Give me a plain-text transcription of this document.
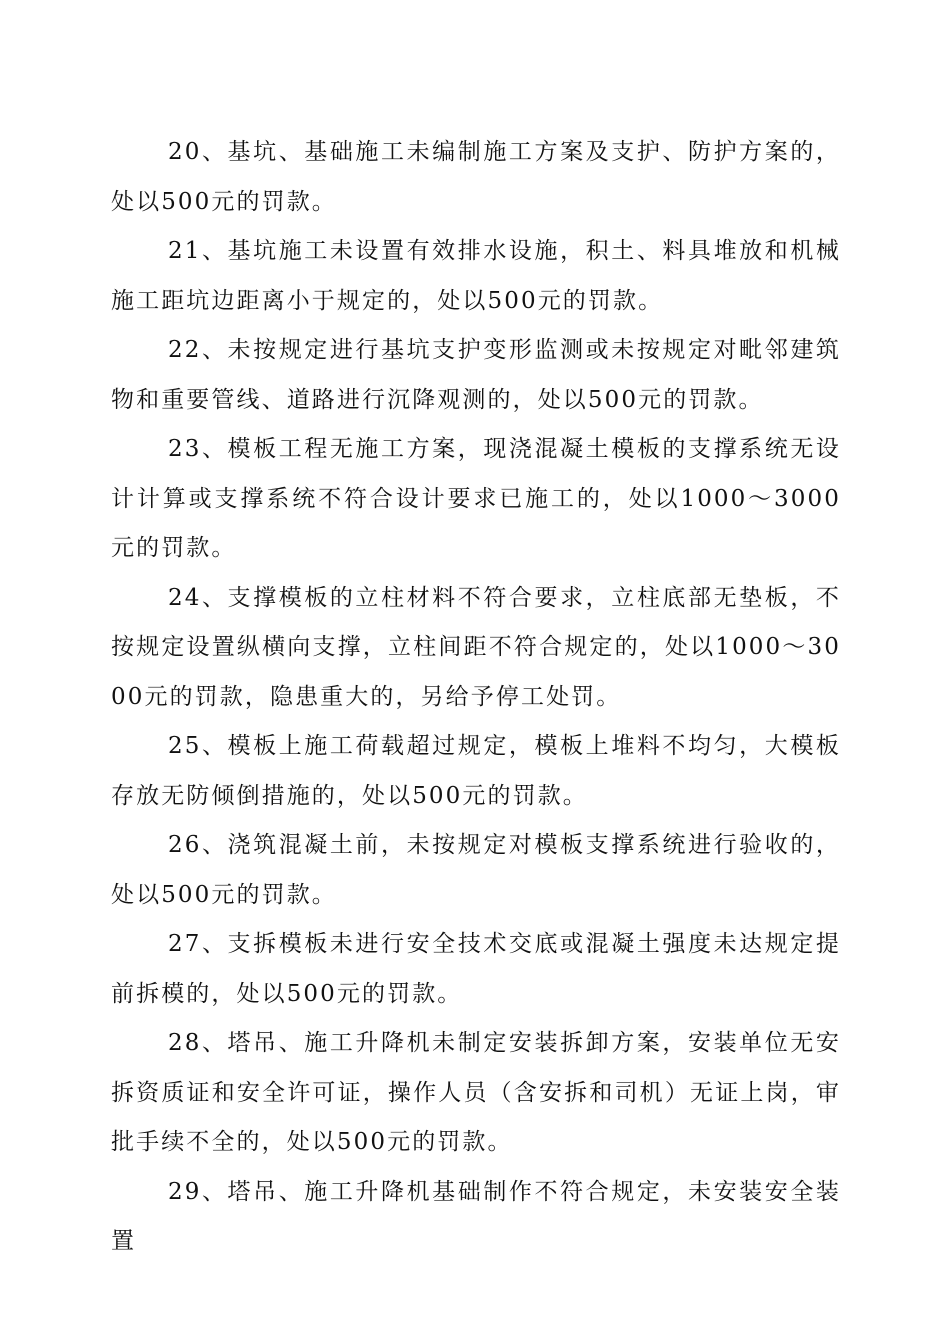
20、基坑、基础施工未编制施工方案及支护、防护方案的，处以500元的罚款。

21、基坑施工未设置有效排水设施，积土、料具堆放和机械施工距坑边距离小于规定的，处以500元的罚款。

22、未按规定进行基坑支护变形监测或未按规定对毗邻建筑物和重要管线、道路进行沉降观测的，处以500元的罚款。

23、模板工程无施工方案，现浇混凝土模板的支撑系统无设计计算或支撑系统不符合设计要求已施工的，处以1000～3000元的罚款。

24、支撑模板的立柱材料不符合要求，立柱底部无垫板，不按规定设置纵横向支撑，立柱间距不符合规定的，处以1000～3000元的罚款，隐患重大的，另给予停工处罚。

25、模板上施工荷载超过规定，模板上堆料不均匀，大模板存放无防倾倒措施的，处以500元的罚款。

26、浇筑混凝土前，未按规定对模板支撑系统进行验收的，处以500元的罚款。

27、支拆模板未进行安全技术交底或混凝土强度未达规定提前拆模的，处以500元的罚款。

28、塔吊、施工升降机未制定安装拆卸方案，安装单位无安拆资质证和安全许可证，操作人员（含安拆和司机）无证上岗，审批手续不全的，处以500元的罚款。

29、塔吊、施工升降机基础制作不符合规定，未安装安全装置
